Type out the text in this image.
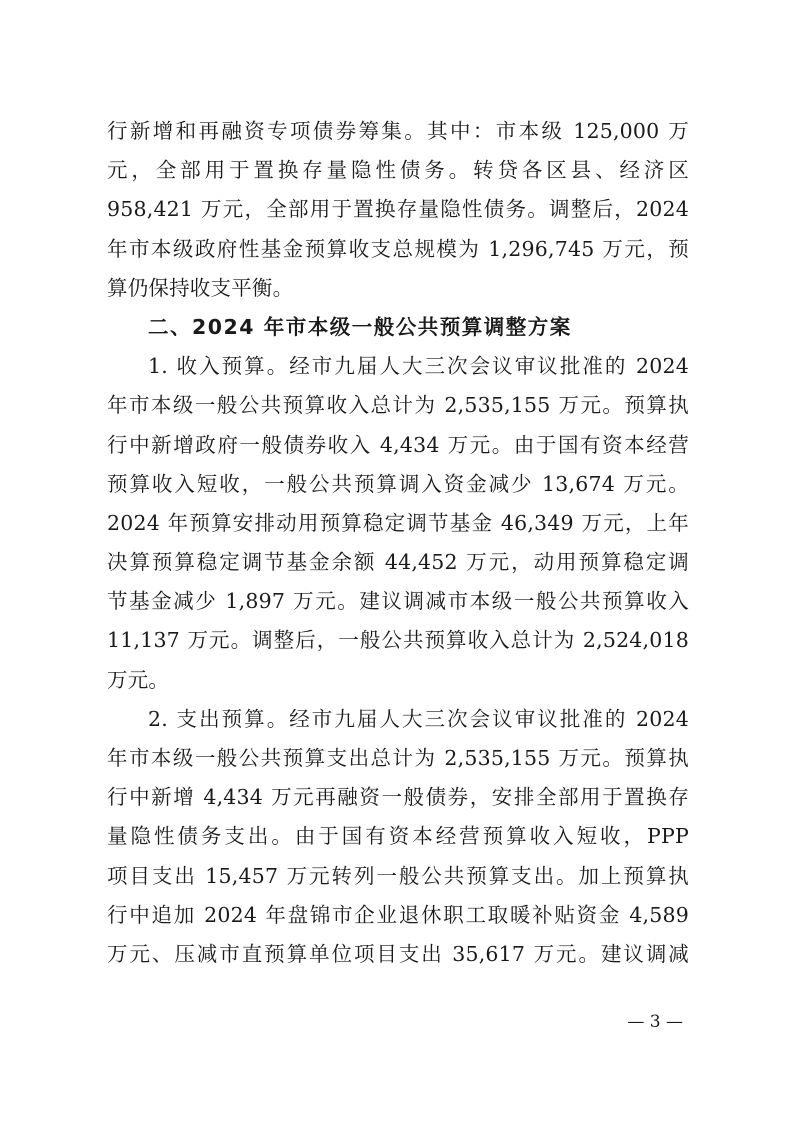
行新增和再融资专项债券筹集。其中：市本级 125,000 万
元，全部用于置换存量隐性债务。转贷各区县、经济区
958,421 万元，全部用于置换存量隐性债务。调整后，2024
年市本级政府性基金预算收支总规模为 1,296,745 万元，预
算仍保持收支平衡。
二、2024 年市本级一般公共预算调整方案
1. 收入预算。经市九届人大三次会议审议批准的 2024
年市本级一般公共预算收入总计为 2,535,155 万元。预算执
行中新增政府一般债券收入 4,434 万元。由于国有资本经营
预算收入短收，一般公共预算调入资金减少 13,674 万元。
2024 年预算安排动用预算稳定调节基金 46,349 万元，上年
决算预算稳定调节基金余额 44,452 万元，动用预算稳定调
节基金减少 1,897 万元。建议调减市本级一般公共预算收入
11,137 万元。调整后，一般公共预算收入总计为 2,524,018
万元。
2. 支出预算。经市九届人大三次会议审议批准的 2024
年市本级一般公共预算支出总计为 2,535,155 万元。预算执
行中新增 4,434 万元再融资一般债券，安排全部用于置换存
量隐性债务支出。由于国有资本经营预算收入短收，PPP
项目支出 15,457 万元转列一般公共预算支出。加上预算执
行中追加 2024 年盘锦市企业退休职工取暖补贴资金 4,589
万元、压减市直预算单位项目支出 35,617 万元。建议调减
— 3 —
